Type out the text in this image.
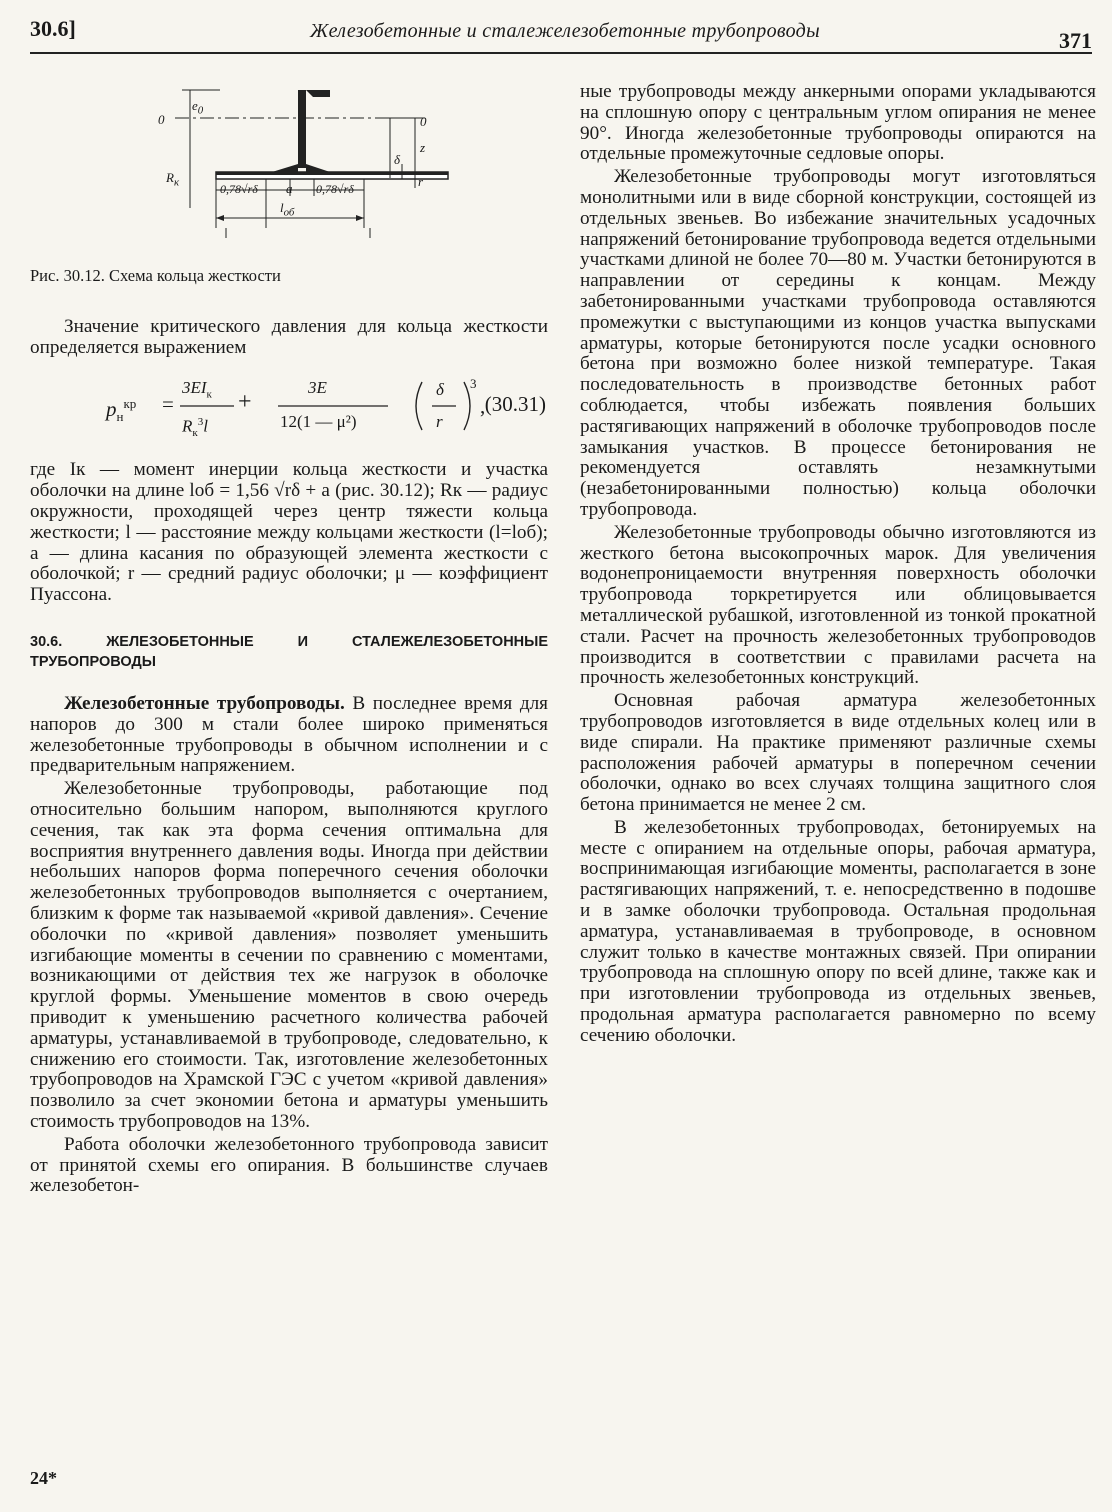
30.6]	Железобетонные и сталежелезобетонные трубопроводы	371
0	0
$e_0$
$R_к$	0,78√rδ a 0,78√rδ
δ
z
r
$l_{об}$

Рис. 30.12. Схема кольца жесткости

Значение критического давления для кольца жесткости определяется выражением

$p_н^{кр}$ =
$3EI_к$
$R_к^3l$
+
3E
12(1 — μ²)
δ
r
3
, (30.31)

где Iк — момент инерции кольца жесткости и участка оболочки на длине lоб = 1,56 √rδ + a (рис. 30.12); Rк — радиус окружности, проходящей через центр тяжести кольца жесткости; l — расстояние между кольцами жесткости (l=lоб); a — длина касания по образующей элемента жесткости с оболочкой; r — средний радиус оболочки; μ — коэффициент Пуассона.

30.6. ЖЕЛЕЗОБЕТОННЫЕ И СТАЛЕЖЕЛЕЗОБЕТОННЫЕ ТРУБОПРОВОДЫ

Железобетонные трубопроводы. В последнее время для напоров до 300 м стали более широко применяться железобетонные трубопроводы в обычном исполнении и с предварительным напряжением.

Железобетонные трубопроводы, работающие под относительно большим напором, выполняются круглого сечения, так как эта форма сечения оптимальна для восприятия внутреннего давления воды. Иногда при действии небольших напоров форма поперечного сечения оболочки железобетонных трубопроводов выполняется с очертанием, близким к форме так называемой «кривой давления». Сечение оболочки по «кривой давления» позволяет уменьшить изгибающие моменты в сечении по сравнению с моментами, возникающими от действия тех же нагрузок в оболочке круглой формы. Уменьшение моментов в свою очередь приводит к уменьшению расчетного количества рабочей арматуры, устанавливаемой в трубопроводе, следовательно, к снижению его стоимости. Так, изготовление железобетонных трубопроводов на Храмской ГЭС с учетом «кривой давления» позволило за счет экономии бетона и арматуры уменьшить стоимость трубопроводов на 13%.

Работа оболочки железобетонного трубопровода зависит от принятой схемы его опирания. В большинстве случаев железобетон-

ные трубопроводы между анкерными опорами укладываются на сплошную опору с центральным углом опирания не менее 90°. Иногда железобетонные трубопроводы опираются на отдельные промежуточные седловые опоры.

Железобетонные трубопроводы могут изготовляться монолитными или в виде сборной конструкции, состоящей из отдельных звеньев. Во избежание значительных усадочных напряжений бетонирование трубопровода ведется отдельными участками длиной не более 70—80 м. Участки бетонируются в направлении от середины к концам. Между забетонированными участками трубопровода оставляются промежутки с выступающими из концов участка выпусками арматуры, которые бетонируются после усадки основного бетона при возможно более низкой температуре. Такая последовательность в производстве бетонных работ соблюдается, чтобы избежать появления больших растягивающих напряжений в оболочке трубопроводов после замыкания участков. В процессе бетонирования не рекомендуется оставлять незамкнутыми (незабетонированными полностью) кольца оболочки трубопровода.

Железобетонные трубопроводы обычно изготовляются из жесткого бетона высокопрочных марок. Для увеличения водонепроницаемости внутренняя поверхность оболочки трубопровода торкретируется или облицовывается металлической рубашкой, изготовленной из тонкой прокатной стали. Расчет на прочность железобетонных трубопроводов производится в соответствии с правилами расчета на прочность железобетонных конструкций.

Основная рабочая арматура железобетонных трубопроводов изготовляется в виде отдельных колец или в виде спирали. На практике применяют различные схемы расположения рабочей арматуры в поперечном сечении оболочки, однако во всех случаях толщина защитного слоя бетона принимается не менее 2 см.

В железобетонных трубопроводах, бетонируемых на месте с опиранием на отдельные опоры, рабочая арматура, воспринимающая изгибающие моменты, располагается в зоне растягивающих напряжений, т. е. непосредственно в подошве и в замке оболочки трубопровода. Остальная продольная арматура, устанавливаемая в трубопроводе, в основном служит только в качестве монтажных связей. При опирании трубопровода на сплошную опору по всей длине, также как и при изготовлении трубопровода из отдельных звеньев, продольная арматура располагается равномерно по всему сечению оболочки.

24*
